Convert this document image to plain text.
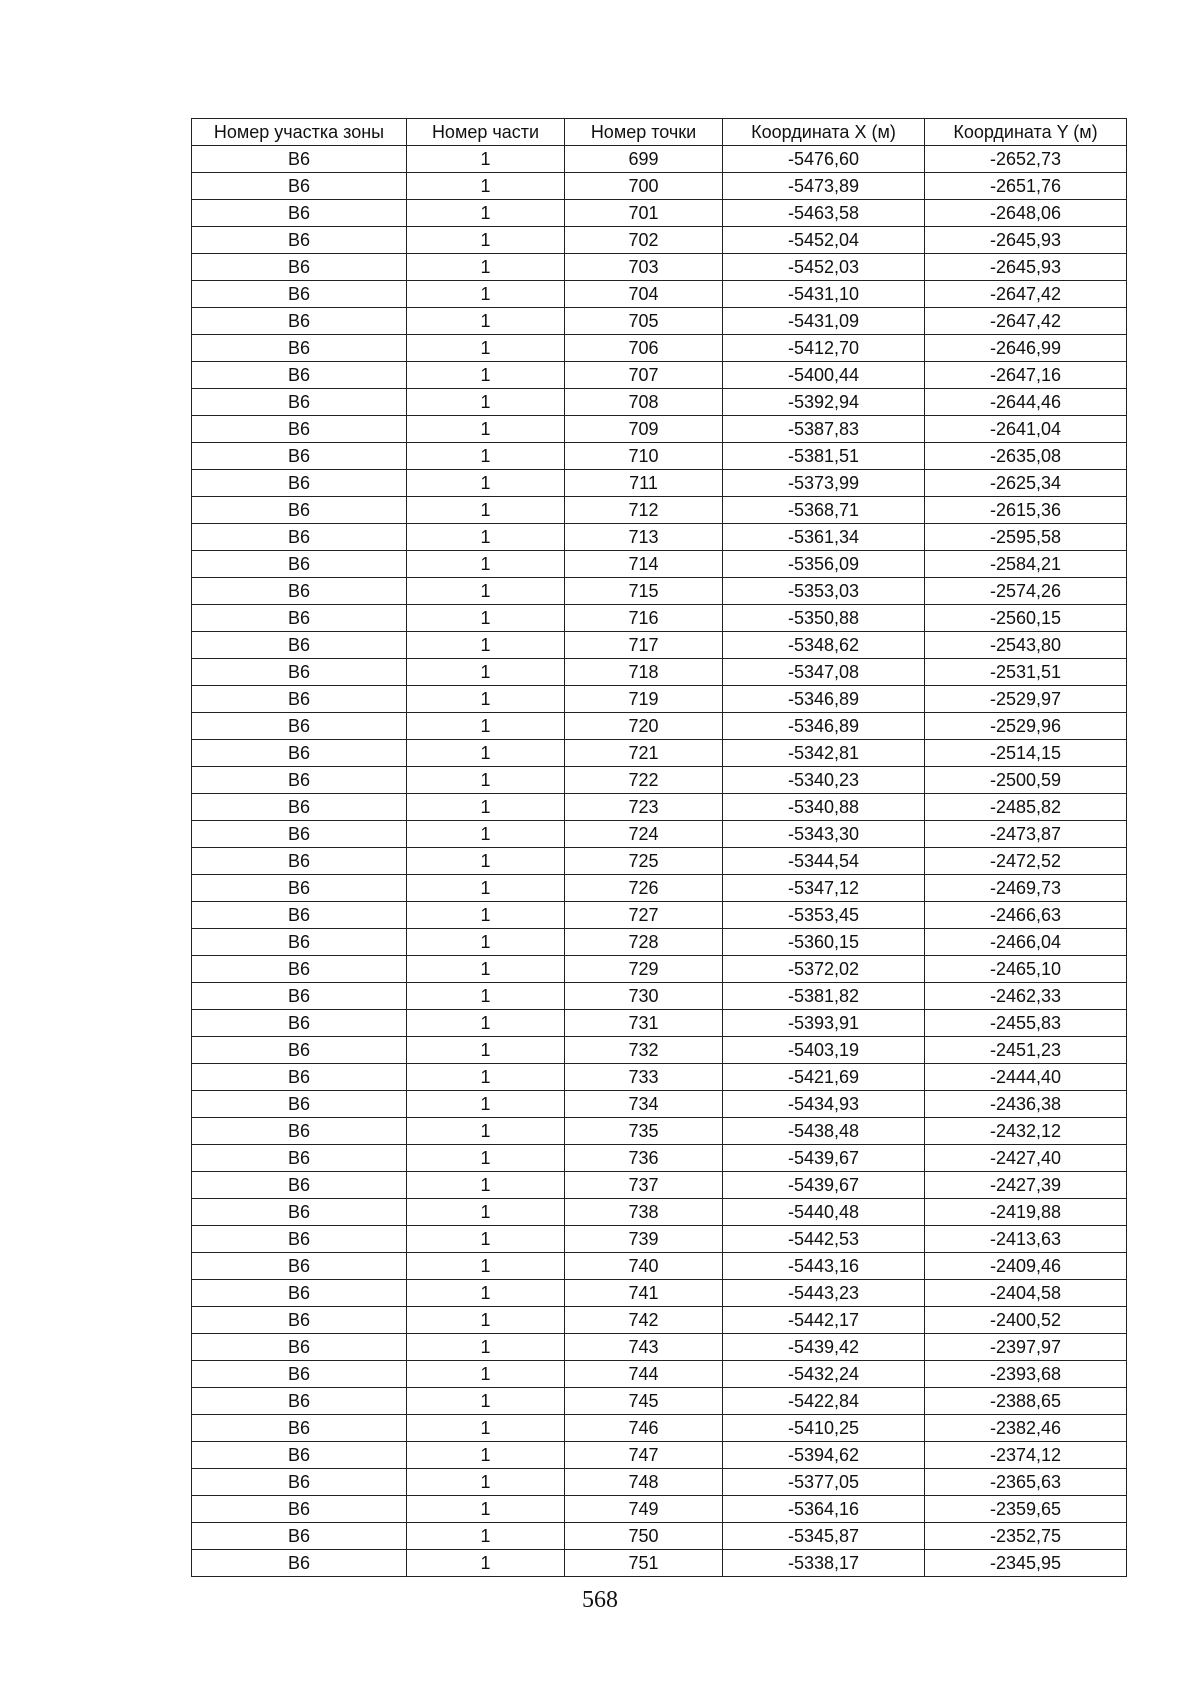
Номер участка зоны	Номер части	Номер точки	Координата X (м)	Координата Y (м)
В6	1	699	-5476,60	-2652,73
В6	1	700	-5473,89	-2651,76
В6	1	701	-5463,58	-2648,06
В6	1	702	-5452,04	-2645,93
В6	1	703	-5452,03	-2645,93
В6	1	704	-5431,10	-2647,42
В6	1	705	-5431,09	-2647,42
В6	1	706	-5412,70	-2646,99
В6	1	707	-5400,44	-2647,16
В6	1	708	-5392,94	-2644,46
В6	1	709	-5387,83	-2641,04
В6	1	710	-5381,51	-2635,08
В6	1	711	-5373,99	-2625,34
В6	1	712	-5368,71	-2615,36
В6	1	713	-5361,34	-2595,58
В6	1	714	-5356,09	-2584,21
В6	1	715	-5353,03	-2574,26
В6	1	716	-5350,88	-2560,15
В6	1	717	-5348,62	-2543,80
В6	1	718	-5347,08	-2531,51
В6	1	719	-5346,89	-2529,97
В6	1	720	-5346,89	-2529,96
В6	1	721	-5342,81	-2514,15
В6	1	722	-5340,23	-2500,59
В6	1	723	-5340,88	-2485,82
В6	1	724	-5343,30	-2473,87
В6	1	725	-5344,54	-2472,52
В6	1	726	-5347,12	-2469,73
В6	1	727	-5353,45	-2466,63
В6	1	728	-5360,15	-2466,04
В6	1	729	-5372,02	-2465,10
В6	1	730	-5381,82	-2462,33
В6	1	731	-5393,91	-2455,83
В6	1	732	-5403,19	-2451,23
В6	1	733	-5421,69	-2444,40
В6	1	734	-5434,93	-2436,38
В6	1	735	-5438,48	-2432,12
В6	1	736	-5439,67	-2427,40
В6	1	737	-5439,67	-2427,39
В6	1	738	-5440,48	-2419,88
В6	1	739	-5442,53	-2413,63
В6	1	740	-5443,16	-2409,46
В6	1	741	-5443,23	-2404,58
В6	1	742	-5442,17	-2400,52
В6	1	743	-5439,42	-2397,97
В6	1	744	-5432,24	-2393,68
В6	1	745	-5422,84	-2388,65
В6	1	746	-5410,25	-2382,46
В6	1	747	-5394,62	-2374,12
В6	1	748	-5377,05	-2365,63
В6	1	749	-5364,16	-2359,65
В6	1	750	-5345,87	-2352,75
В6	1	751	-5338,17	-2345,95
568
